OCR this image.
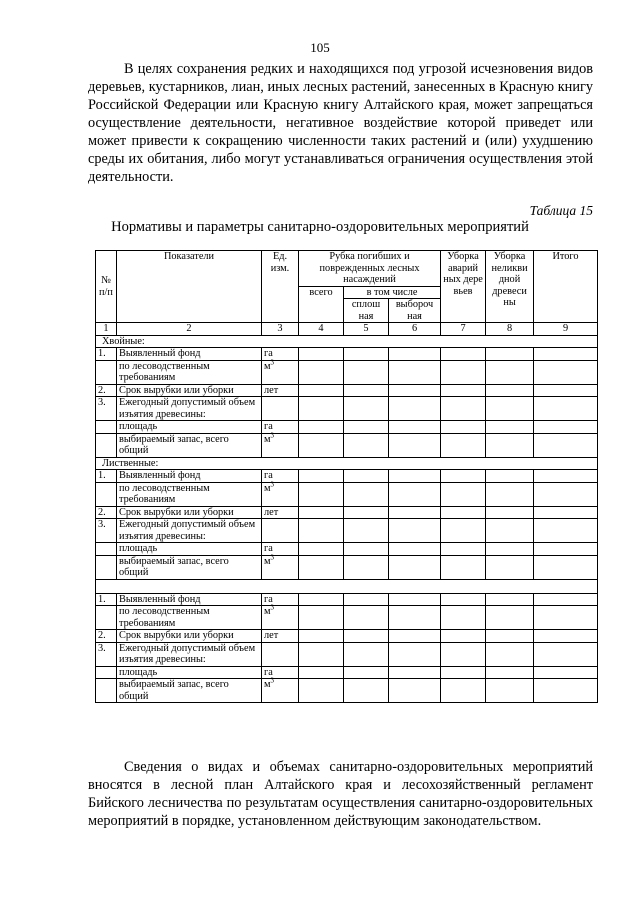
105

В целях сохранения редких и находящихся под угрозой исчезновения видов деревьев, кустарников, лиан, иных лесных растений, занесенных в Красную книгу Российской Федерации или Красную книгу Алтайского края, может запрещаться осуществление деятельности, негативное воздействие которой приведет или может привести к сокращению численности таких растений и (или) ухудшению среды их обитания, либо могут устанавливаться ограничения осуществления этой деятельности.

Таблица 15
Нормативы и параметры санитарно-оздоровительных мероприятий
№ п/п	Показатели	Ед. изм.	Рубка погибших и поврежденных лесных насаждений			Уборка аварий ных дере вьев	Уборка неликви дной древеси ны	Итого
			всего	в том числе				
				сплош ная	выбороч ная			
1	2	3	4	5	6	7	8	9
Хвойные:								
1.	Выявленный фонд	га						
	по лесоводственным требованиям	$м^3$						
2.	Срок вырубки или уборки	лет						
3.	Ежегодный допустимый объем изъятия древесины:							
	площадь	га						
	выбираемый запас, всего общий	$м^3$						
Лиственные:								
1.	Выявленный фонд	га						
	по лесоводственным требованиям	$м^3$						
2.	Срок вырубки или уборки	лет						
3.	Ежегодный допустимый объем изъятия древесины:							
	площадь	га						
	выбираемый запас, всего общий	$м^3$						

1.	Выявленный фонд	га						
	по лесоводственным требованиям	$м^3$						
2.	Срок вырубки или уборки	лет						
3.	Ежегодный допустимый объем изъятия древесины:							
	площадь	га						
	выбираемый запас, всего общий	$м^3$						

Сведения о видах и объемах санитарно-оздоровительных мероприятий вносятся в лесной план Алтайского края и лесохозяйственный регламент Бийского лесничества по результатам осуществления санитарно-оздоровительных мероприятий в порядке, установленном действующим законодательством.
